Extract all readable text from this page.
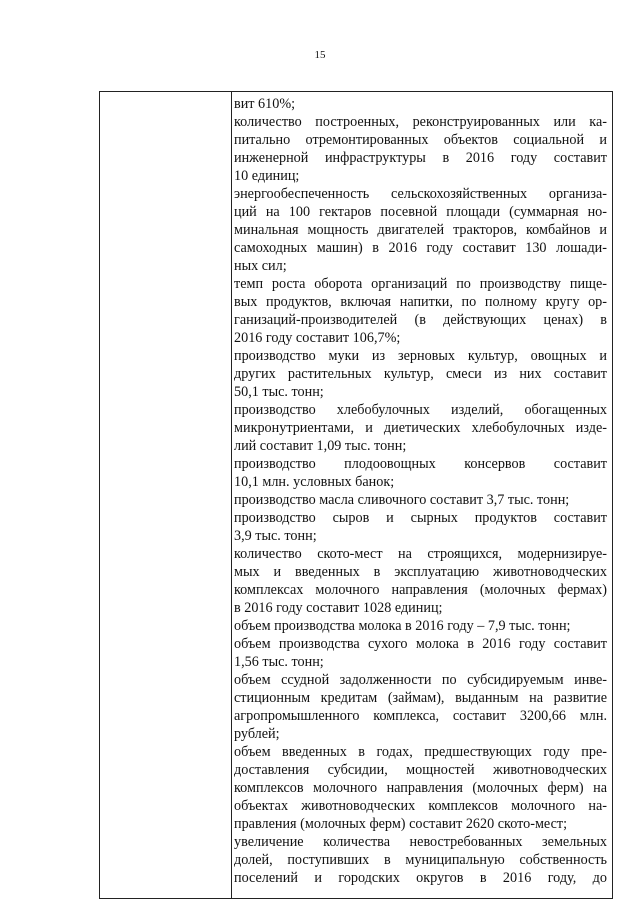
15
вит 610%;
количество построенных, реконструированных или ка-
питально отремонтированных объектов социальной и
инженерной инфраструктуры в 2016 году составит
10 единиц;
энергообеспеченность сельскохозяйственных организа-
ций на 100 гектаров посевной площади (суммарная но-
минальная мощность двигателей тракторов, комбайнов и
самоходных машин) в 2016 году составит 130 лошади-
ных сил;
темп роста оборота организаций по производству пище-
вых продуктов, включая напитки, по полному кругу ор-
ганизаций-производителей (в действующих ценах) в
2016 году составит 106,7%;
производство муки из зерновых культур, овощных и
других растительных культур, смеси из них составит
50,1 тыс. тонн;
производство хлебобулочных изделий, обогащенных
микронутриентами, и диетических хлебобулочных изде-
лий составит 1,09 тыс. тонн;
производство плодоовощных консервов составит
10,1 млн. условных банок;
производство масла сливочного составит 3,7 тыс. тонн;
производство сыров и сырных продуктов составит
3,9 тыс. тонн;
количество ското-мест на строящихся, модернизируе-
мых и введенных в эксплуатацию животноводческих
комплексах молочного направления (молочных фермах)
в 2016 году составит 1028 единиц;
объем производства молока в 2016 году – 7,9 тыс. тонн;
объем производства сухого молока в 2016 году составит
1,56 тыс. тонн;
объем ссудной задолженности по субсидируемым инве-
стиционным кредитам (займам), выданным на развитие
агропромышленного комплекса, составит 3200,66 млн.
рублей;
объем введенных в годах, предшествующих году пре-
доставления субсидии, мощностей животноводческих
комплексов молочного направления (молочных ферм) на
объектах животноводческих комплексов молочного на-
правления (молочных ферм) составит 2620 ското-мест;
увеличение количества невостребованных земельных
долей, поступивших в муниципальную собственность
поселений и городских округов в 2016 году, до
